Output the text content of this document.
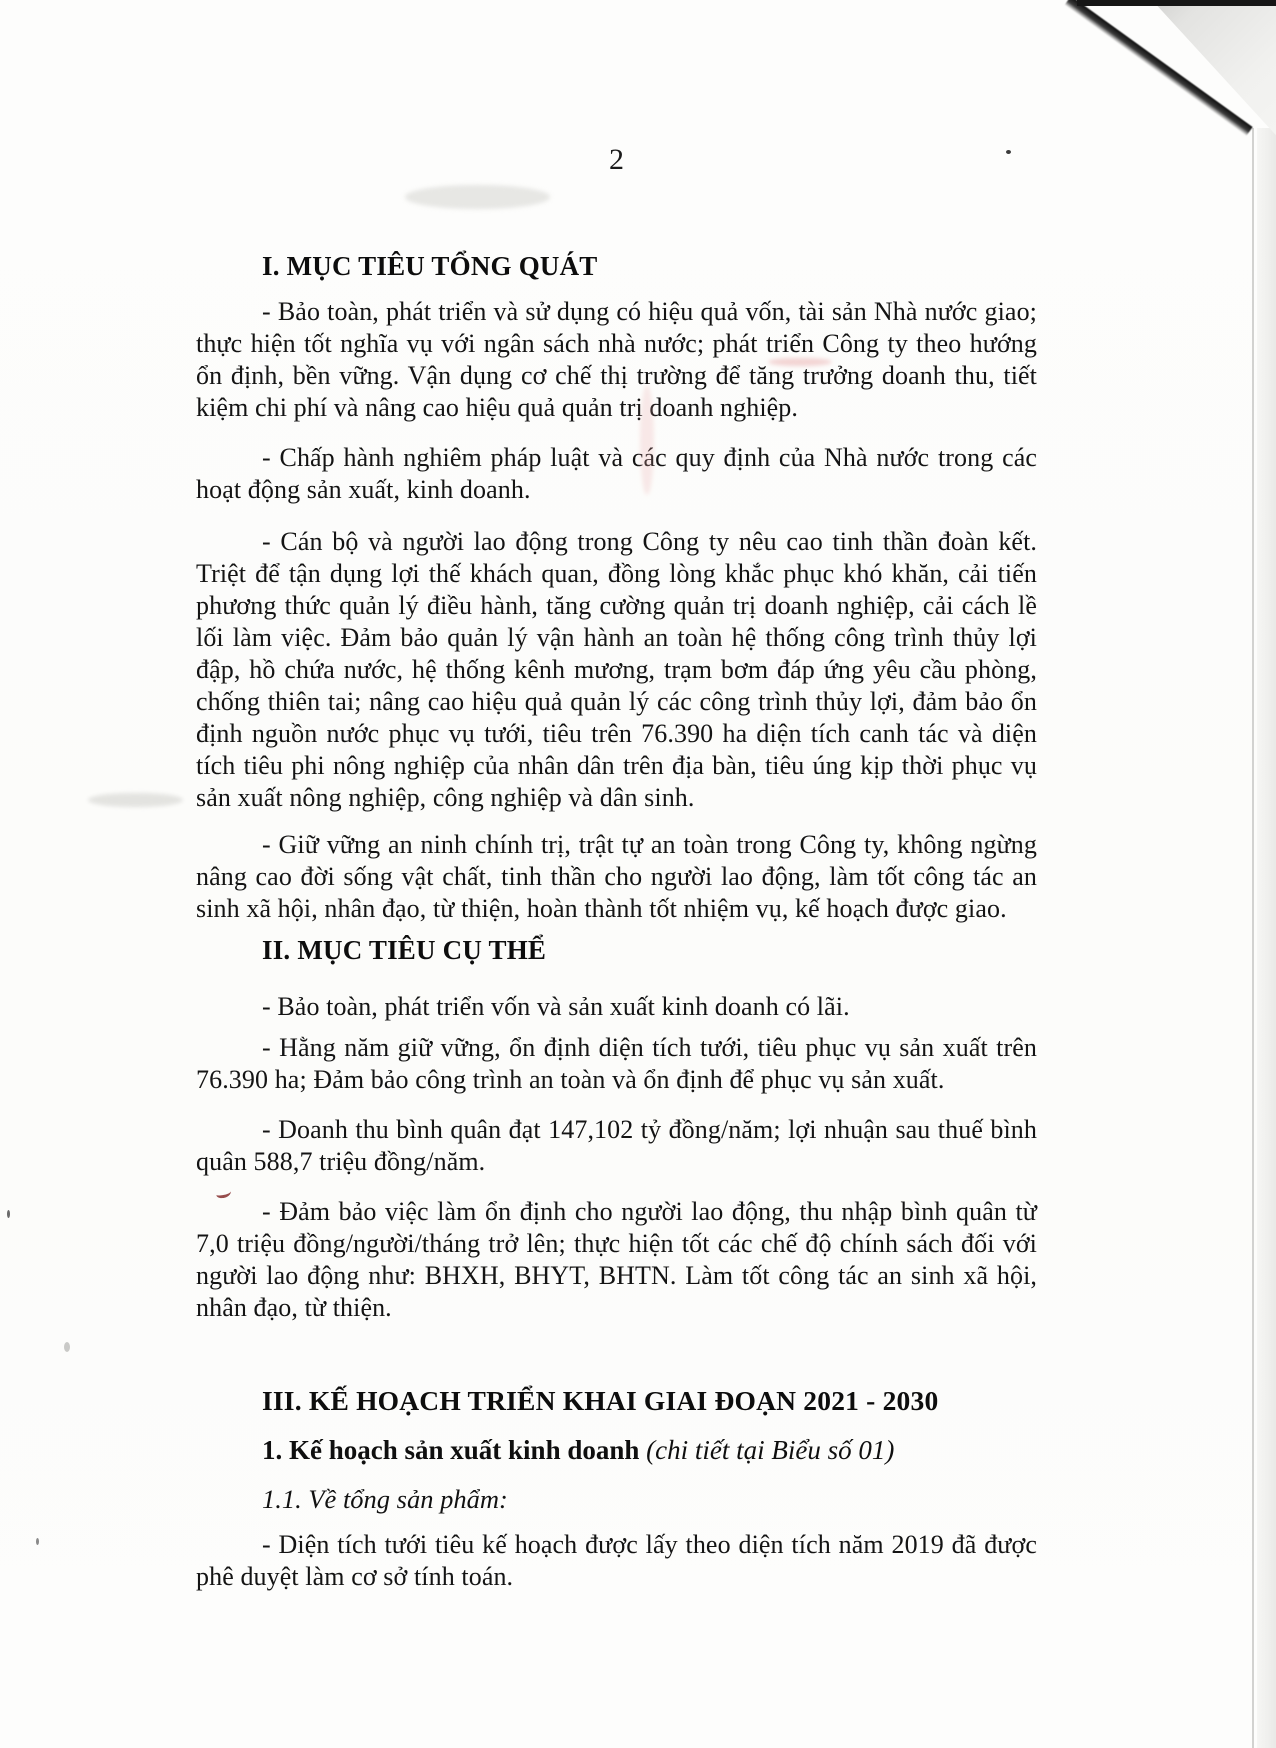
2
I. MỤC TIÊU TỔNG QUÁT

- Bảo toàn, phát triển và sử dụng có hiệu quả vốn, tài sản Nhà nước giao; thực hiện tốt nghĩa vụ với ngân sách nhà nước; phát triển Công ty theo hướng ổn định, bền vững. Vận dụng cơ chế thị trường để tăng trưởng doanh thu, tiết kiệm chi phí và nâng cao hiệu quả quản trị doanh nghiệp.

- Chấp hành nghiêm pháp luật và các quy định của Nhà nước trong các hoạt động sản xuất, kinh doanh.

- Cán bộ và người lao động trong Công ty nêu cao tinh thần đoàn kết. Triệt để tận dụng lợi thế khách quan, đồng lòng khắc phục khó khăn, cải tiến phương thức quản lý điều hành, tăng cường quản trị doanh nghiệp, cải cách lề lối làm việc. Đảm bảo quản lý vận hành an toàn hệ thống công trình thủy lợi đập, hồ chứa nước, hệ thống kênh mương, trạm bơm đáp ứng yêu cầu phòng, chống thiên tai; nâng cao hiệu quả quản lý các công trình thủy lợi, đảm bảo ổn định nguồn nước phục vụ tưới, tiêu trên 76.390 ha diện tích canh tác và diện tích tiêu phi nông nghiệp của nhân dân trên địa bàn, tiêu úng kịp thời phục vụ sản xuất nông nghiệp, công nghiệp và dân sinh.

- Giữ vững an ninh chính trị, trật tự an toàn trong Công ty, không ngừng nâng cao đời sống vật chất, tinh thần cho người lao động, làm tốt công tác an sinh xã hội, nhân đạo, từ thiện, hoàn thành tốt nhiệm vụ, kế hoạch được giao.

II. MỤC TIÊU CỤ THỂ

- Bảo toàn, phát triển vốn và sản xuất kinh doanh có lãi.

- Hằng năm giữ vững, ổn định diện tích tưới, tiêu phục vụ sản xuất trên 76.390 ha; Đảm bảo công trình an toàn và ổn định để phục vụ sản xuất.

- Doanh thu bình quân đạt 147,102 tỷ đồng/năm; lợi nhuận sau thuế bình quân 588,7 triệu đồng/năm.

- Đảm bảo việc làm ổn định cho người lao động, thu nhập bình quân từ 7,0 triệu đồng/người/tháng trở lên; thực hiện tốt các chế độ chính sách đối với người lao động như: BHXH, BHYT, BHTN. Làm tốt công tác an sinh xã hội, nhân đạo, từ thiện.

III. KẾ HOẠCH TRIỂN KHAI GIAI ĐOẠN 2021 - 2030
1. Kế hoạch sản xuất kinh doanh (chi tiết tại Biểu số 01)
1.1. Về tổng sản phẩm:

- Diện tích tưới tiêu kế hoạch được lấy theo diện tích năm 2019 đã được phê duyệt làm cơ sở tính toán.
